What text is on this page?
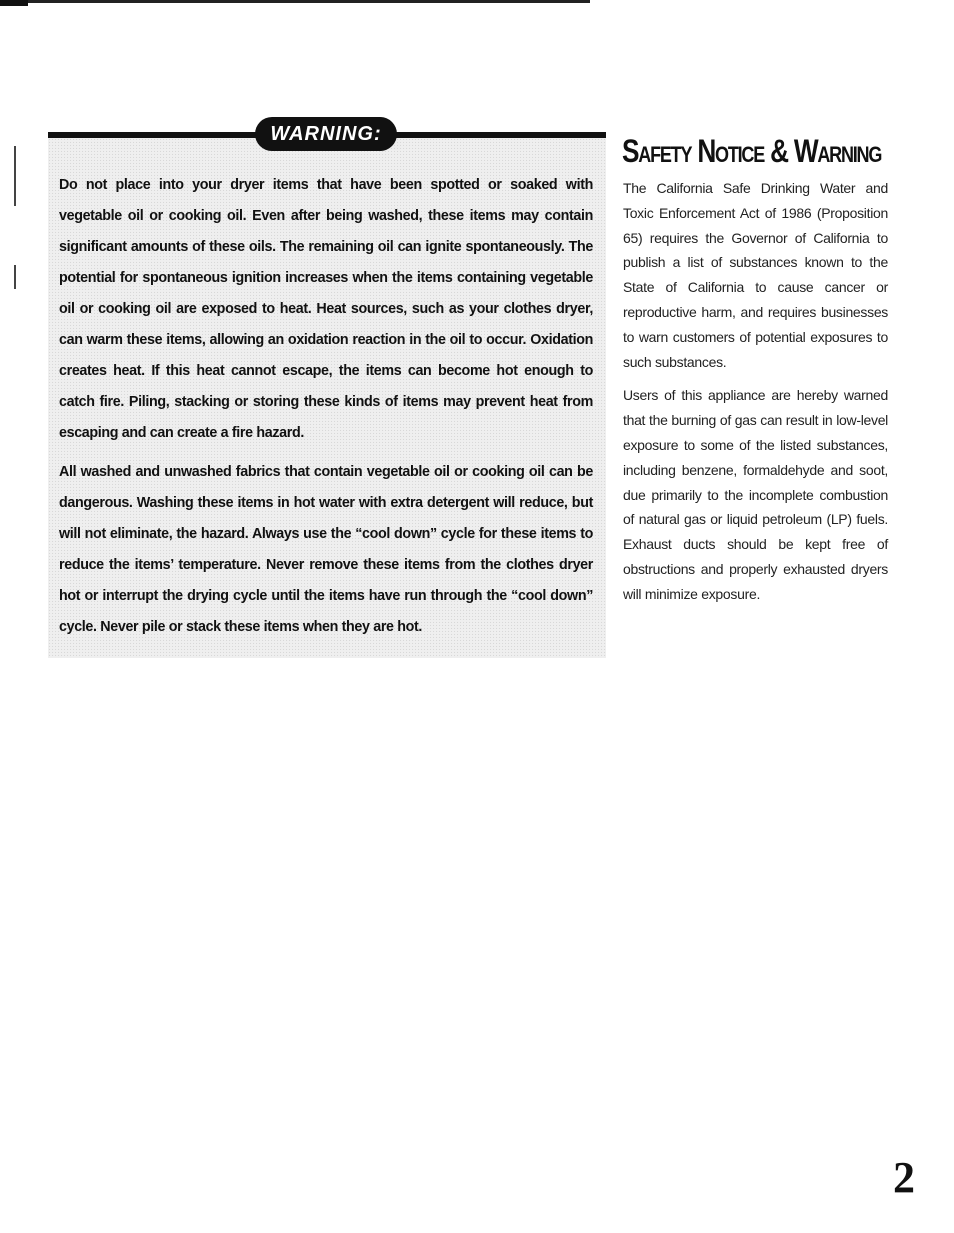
WARNING:

Do not place into your dryer items that have been spotted or soaked with vegetable oil or cooking oil. Even after being washed, these items may contain significant amounts of these oils. The remaining oil can ignite spontaneously. The potential for spontaneous ignition increases when the items containing vegetable oil or cooking oil are exposed to heat. Heat sources, such as your clothes dryer, can warm these items, allowing an oxidation reaction in the oil to occur. Oxidation creates heat. If this heat cannot escape, the items can become hot enough to catch fire. Piling, stacking or storing these kinds of items may prevent heat from escaping and can create a fire hazard.

All washed and unwashed fabrics that contain vegetable oil or cooking oil can be dangerous. Washing these items in hot water with extra detergent will reduce, but will not eliminate, the hazard. Always use the “cool down” cycle for these items to reduce the items’ temperature. Never remove these items from the clothes dryer hot or interrupt the drying cycle until the items have run through the “cool down” cycle. Never pile or stack these items when they are hot.

Safety Notice & Warning

The California Safe Drinking Water and Toxic Enforcement Act of 1986 (Proposition 65) requires the Governor of California to publish a list of substances known to the State of California to cause cancer or reproductive harm, and requires businesses to warn customers of potential exposures to such substances.

Users of this appliance are hereby warned that the burning of gas can result in low-level exposure to some of the listed substances, including benzene, formaldehyde and soot, due primarily to the incomplete combustion of natural gas or liquid petroleum (LP) fuels. Exhaust ducts should be kept free of obstructions and properly exhausted dryers will minimize exposure.

2
